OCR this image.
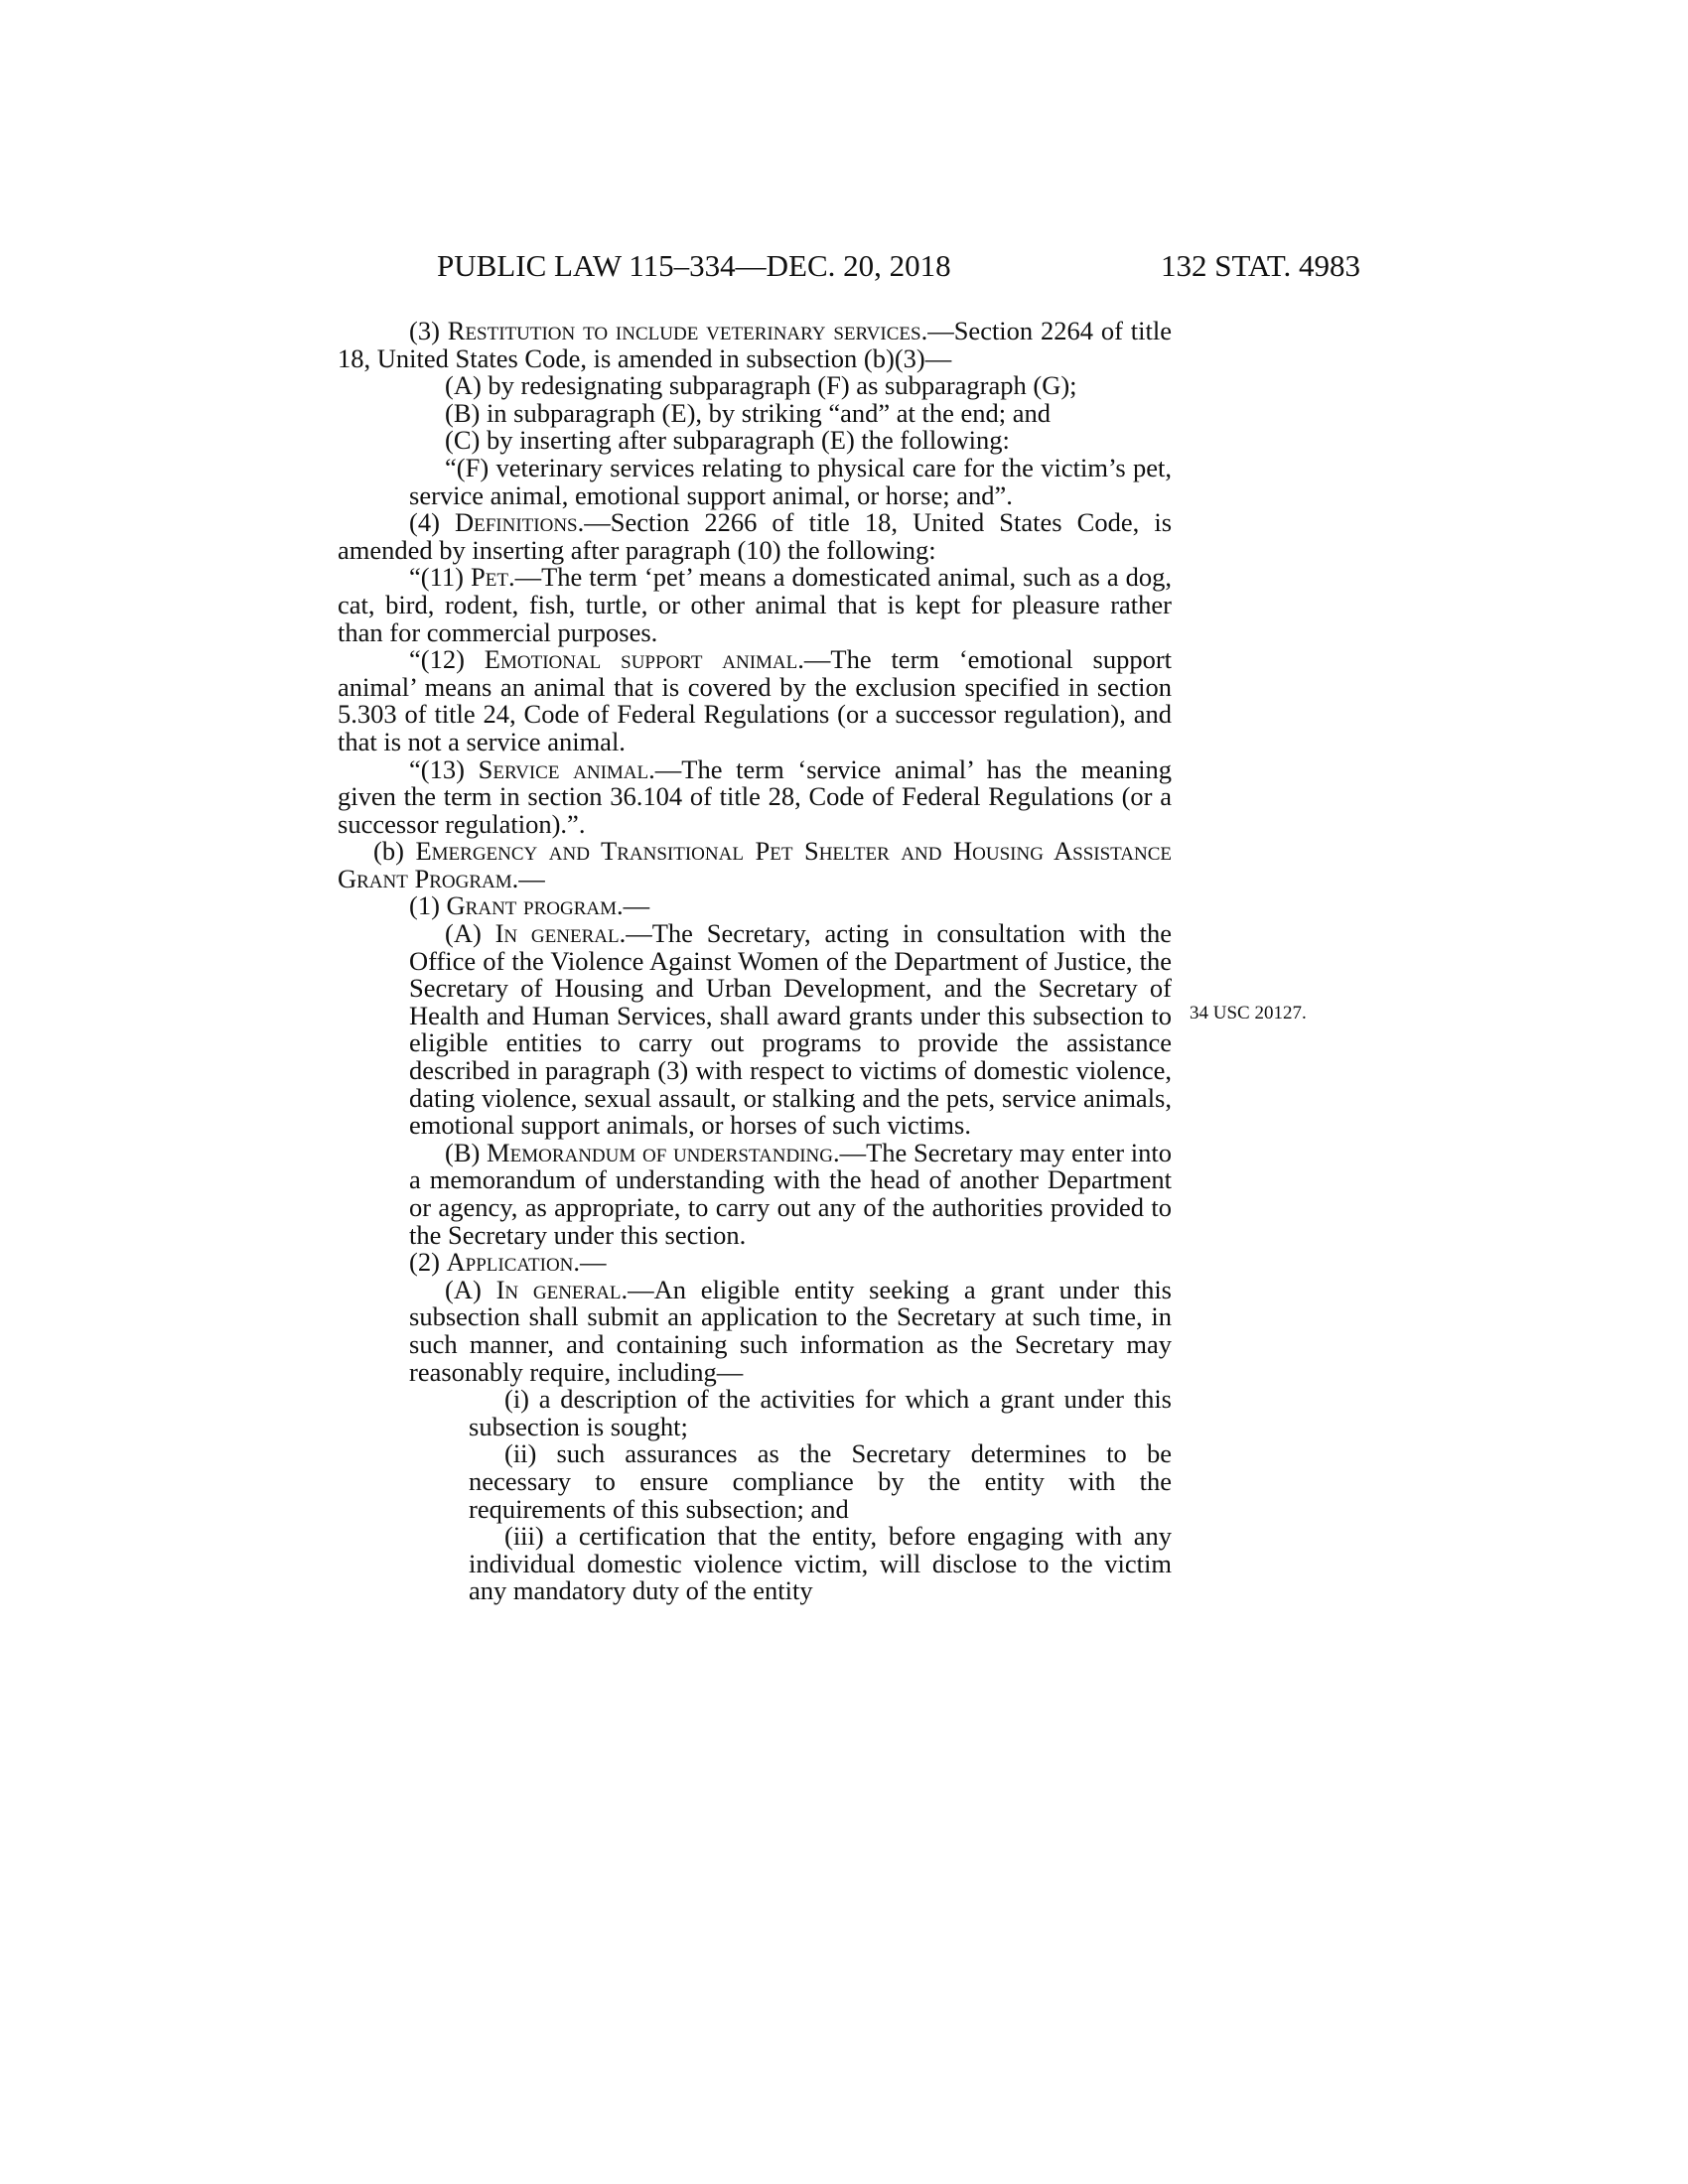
PUBLIC LAW 115–334—DEC. 20, 2018	132 STAT. 4983
34 USC 20127.

(3) Restitution to include veterinary services.—Section 2264 of title 18, United States Code, is amended in subsection (b)(3)—

(A) by redesignating subparagraph (F) as subparagraph (G);

(B) in subparagraph (E), by striking “and” at the end; and

(C) by inserting after subparagraph (E) the following:

“(F) veterinary services relating to physical care for the victim’s pet, service animal, emotional support animal, or horse; and”.

(4) Definitions.—Section 2266 of title 18, United States Code, is amended by inserting after paragraph (10) the following:

“(11) Pet.—The term ‘pet’ means a domesticated animal, such as a dog, cat, bird, rodent, fish, turtle, or other animal that is kept for pleasure rather than for commercial purposes.

“(12) Emotional support animal.—The term ‘emotional support animal’ means an animal that is covered by the exclusion specified in section 5.303 of title 24, Code of Federal Regulations (or a successor regulation), and that is not a service animal.

“(13) Service animal.—The term ‘service animal’ has the meaning given the term in section 36.104 of title 28, Code of Federal Regulations (or a successor regulation).”.

(b) Emergency and Transitional Pet Shelter and Housing Assistance Grant Program.—

(1) Grant program.—

(A) In general.—The Secretary, acting in consultation with the Office of the Violence Against Women of the Department of Justice, the Secretary of Housing and Urban Development, and the Secretary of Health and Human Services, shall award grants under this subsection to eligible entities to carry out programs to provide the assistance described in paragraph (3) with respect to victims of domestic violence, dating violence, sexual assault, or stalking and the pets, service animals, emotional support animals, or horses of such victims.

(B) Memorandum of understanding.—The Secretary may enter into a memorandum of understanding with the head of another Department or agency, as appropriate, to carry out any of the authorities provided to the Secretary under this section.

(2) Application.—

(A) In general.—An eligible entity seeking a grant under this subsection shall submit an application to the Secretary at such time, in such manner, and containing such information as the Secretary may reasonably require, including—

(i) a description of the activities for which a grant under this subsection is sought;

(ii) such assurances as the Secretary determines to be necessary to ensure compliance by the entity with the requirements of this subsection; and

(iii) a certification that the entity, before engaging with any individual domestic violence victim, will disclose to the victim any mandatory duty of the entity
